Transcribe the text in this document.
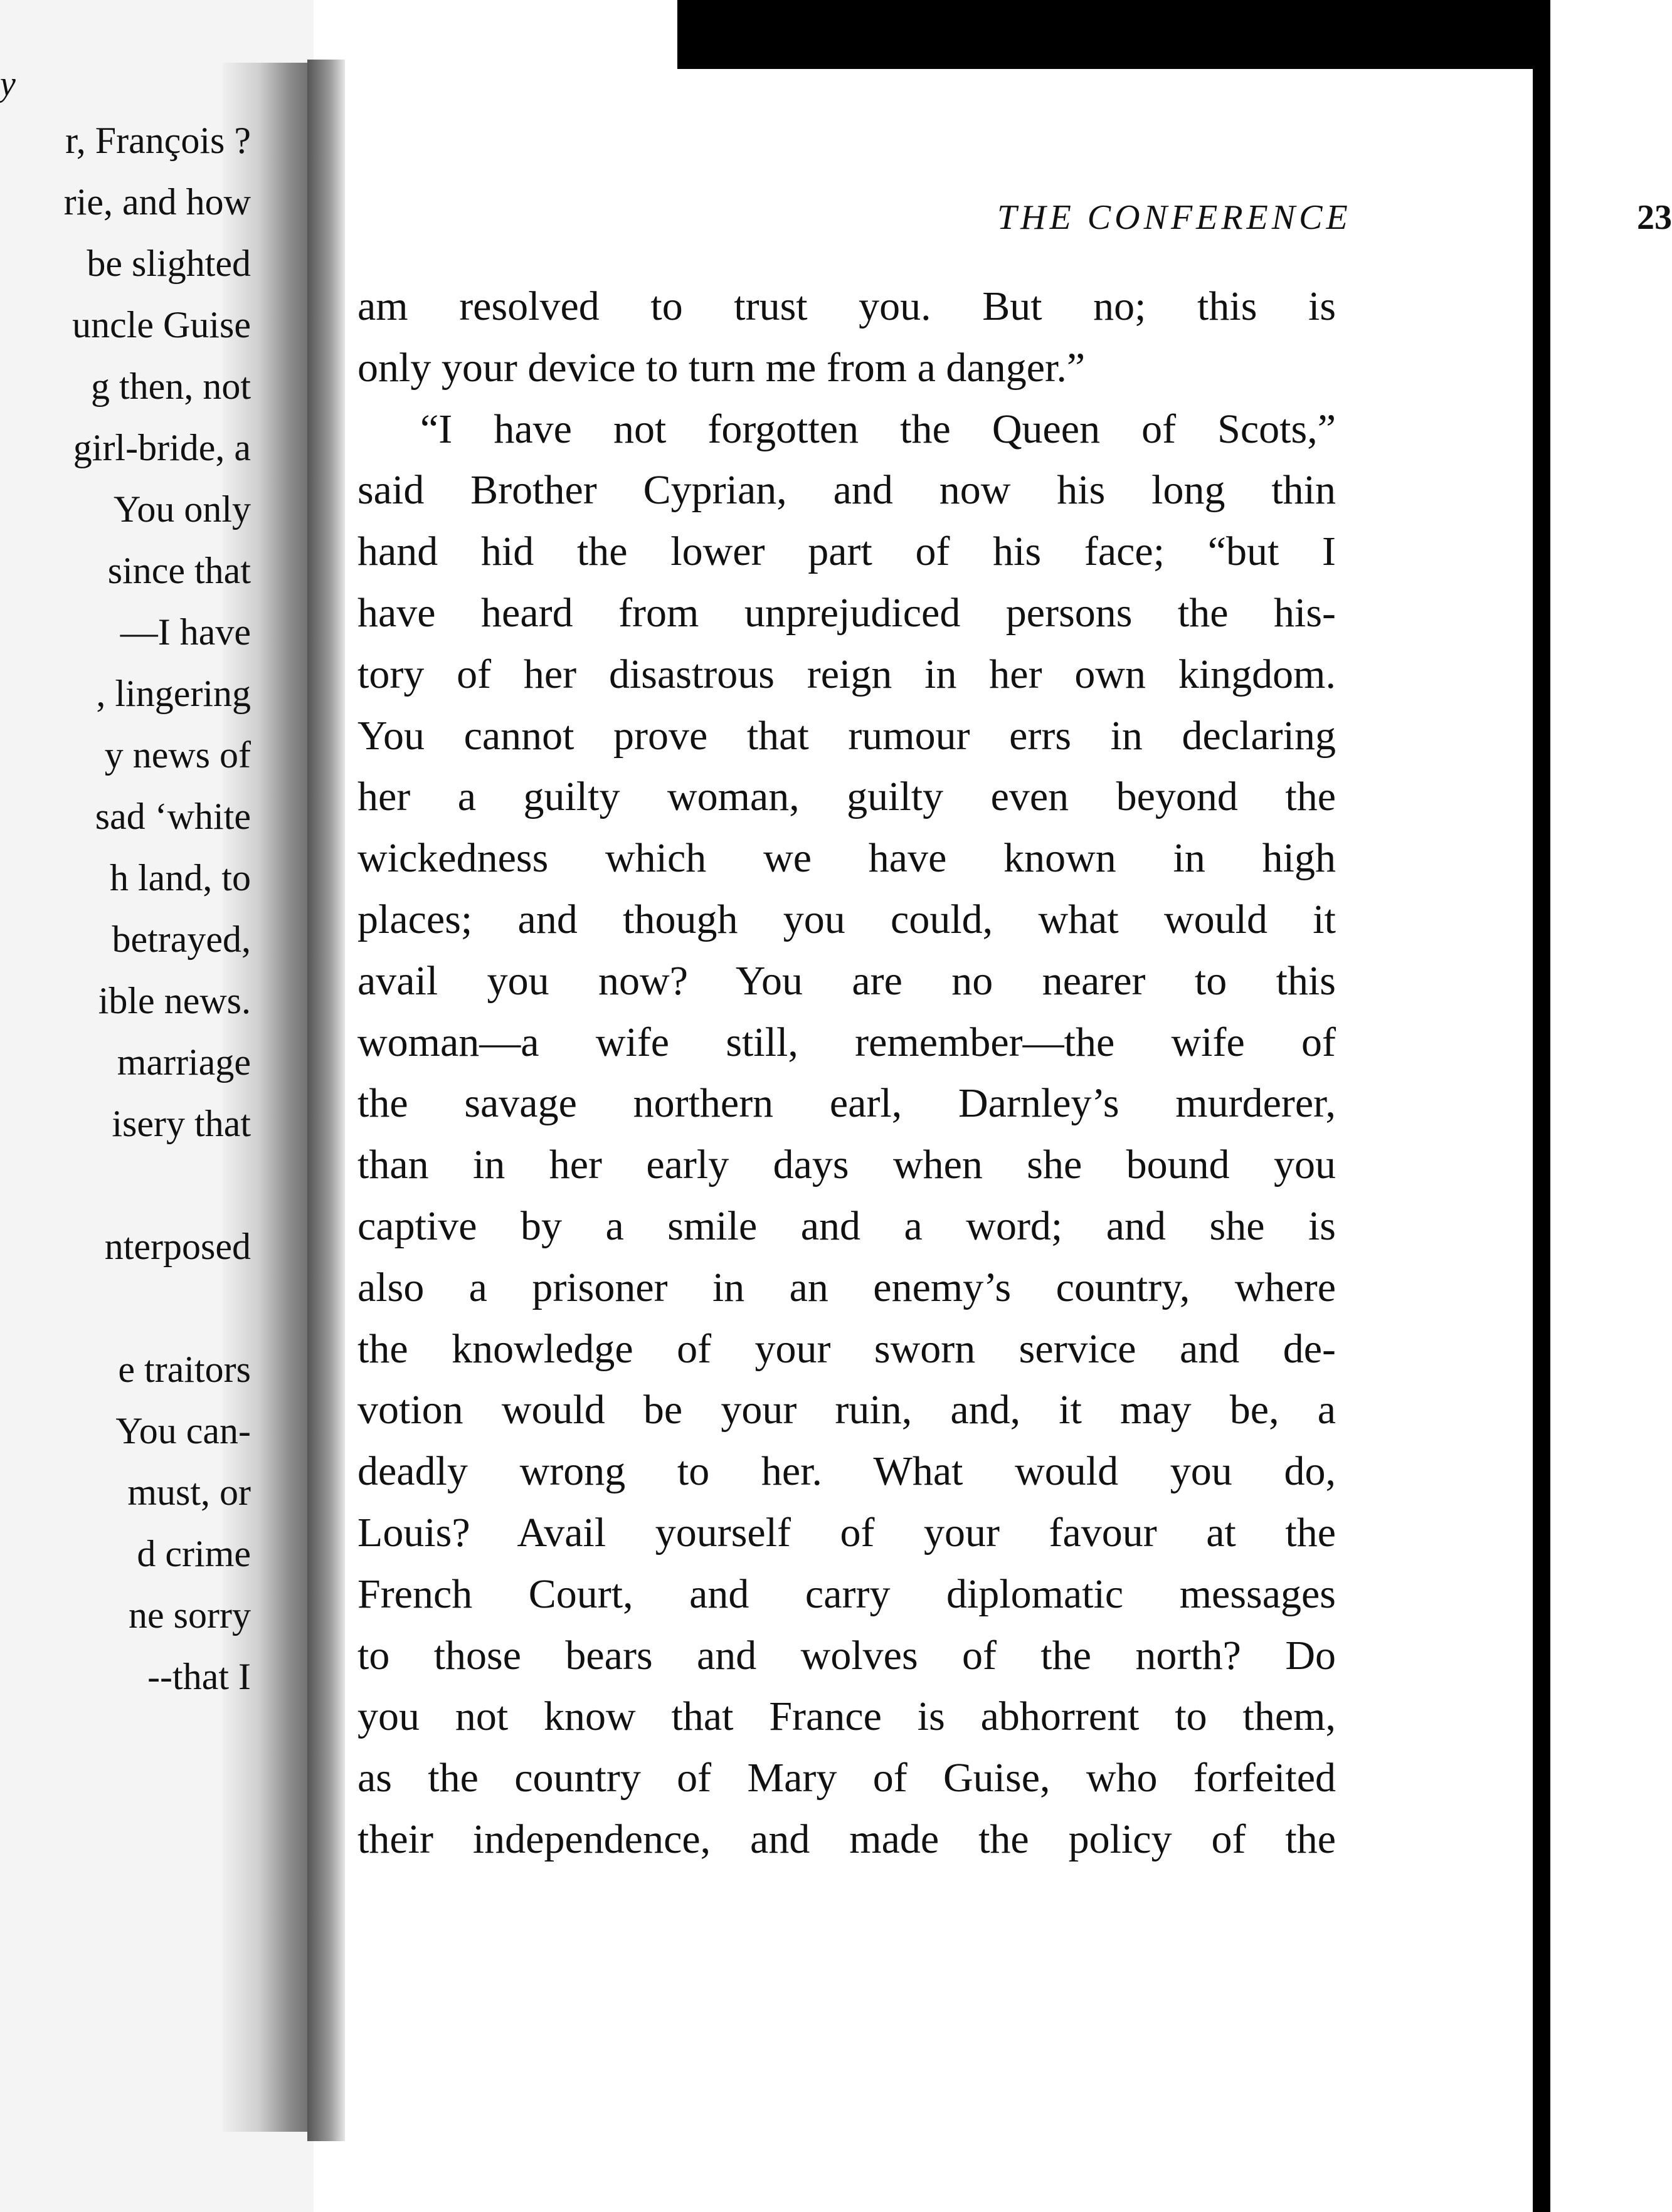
y
r, François ?
rie, and how
be slighted
uncle Guise
g then, not
girl-bride, a
You only
since that
—I have
, lingering
y news of
sad ‘white
h land, to
betrayed,
ible news.
marriage
isery that
nterposed
e traitors
You can-
must, or
d crime
ne sorry
--that I
THE CONFERENCE	23
am resolved to trust you. But no; this is
only your device to turn me from a danger.”
“I have not forgotten the Queen of Scots,”
said Brother Cyprian, and now his long thin
hand hid the lower part of his face; “but I
have heard from unprejudiced persons the his-
tory of her disastrous reign in her own kingdom.
You cannot prove that rumour errs in declaring
her a guilty woman, guilty even beyond the
wickedness which we have known in high
places; and though you could, what would it
avail you now? You are no nearer to this
woman—a wife still, remember—the wife of
the savage northern earl, Darnley’s murderer,
than in her early days when she bound you
captive by a smile and a word; and she is
also a prisoner in an enemy’s country, where
the knowledge of your sworn service and de-
votion would be your ruin, and, it may be, a
deadly wrong to her. What would you do,
Louis? Avail yourself of your favour at the
French Court, and carry diplomatic messages
to those bears and wolves of the north? Do
you not know that France is abhorrent to them,
as the country of Mary of Guise, who forfeited
their independence, and made the policy of the
